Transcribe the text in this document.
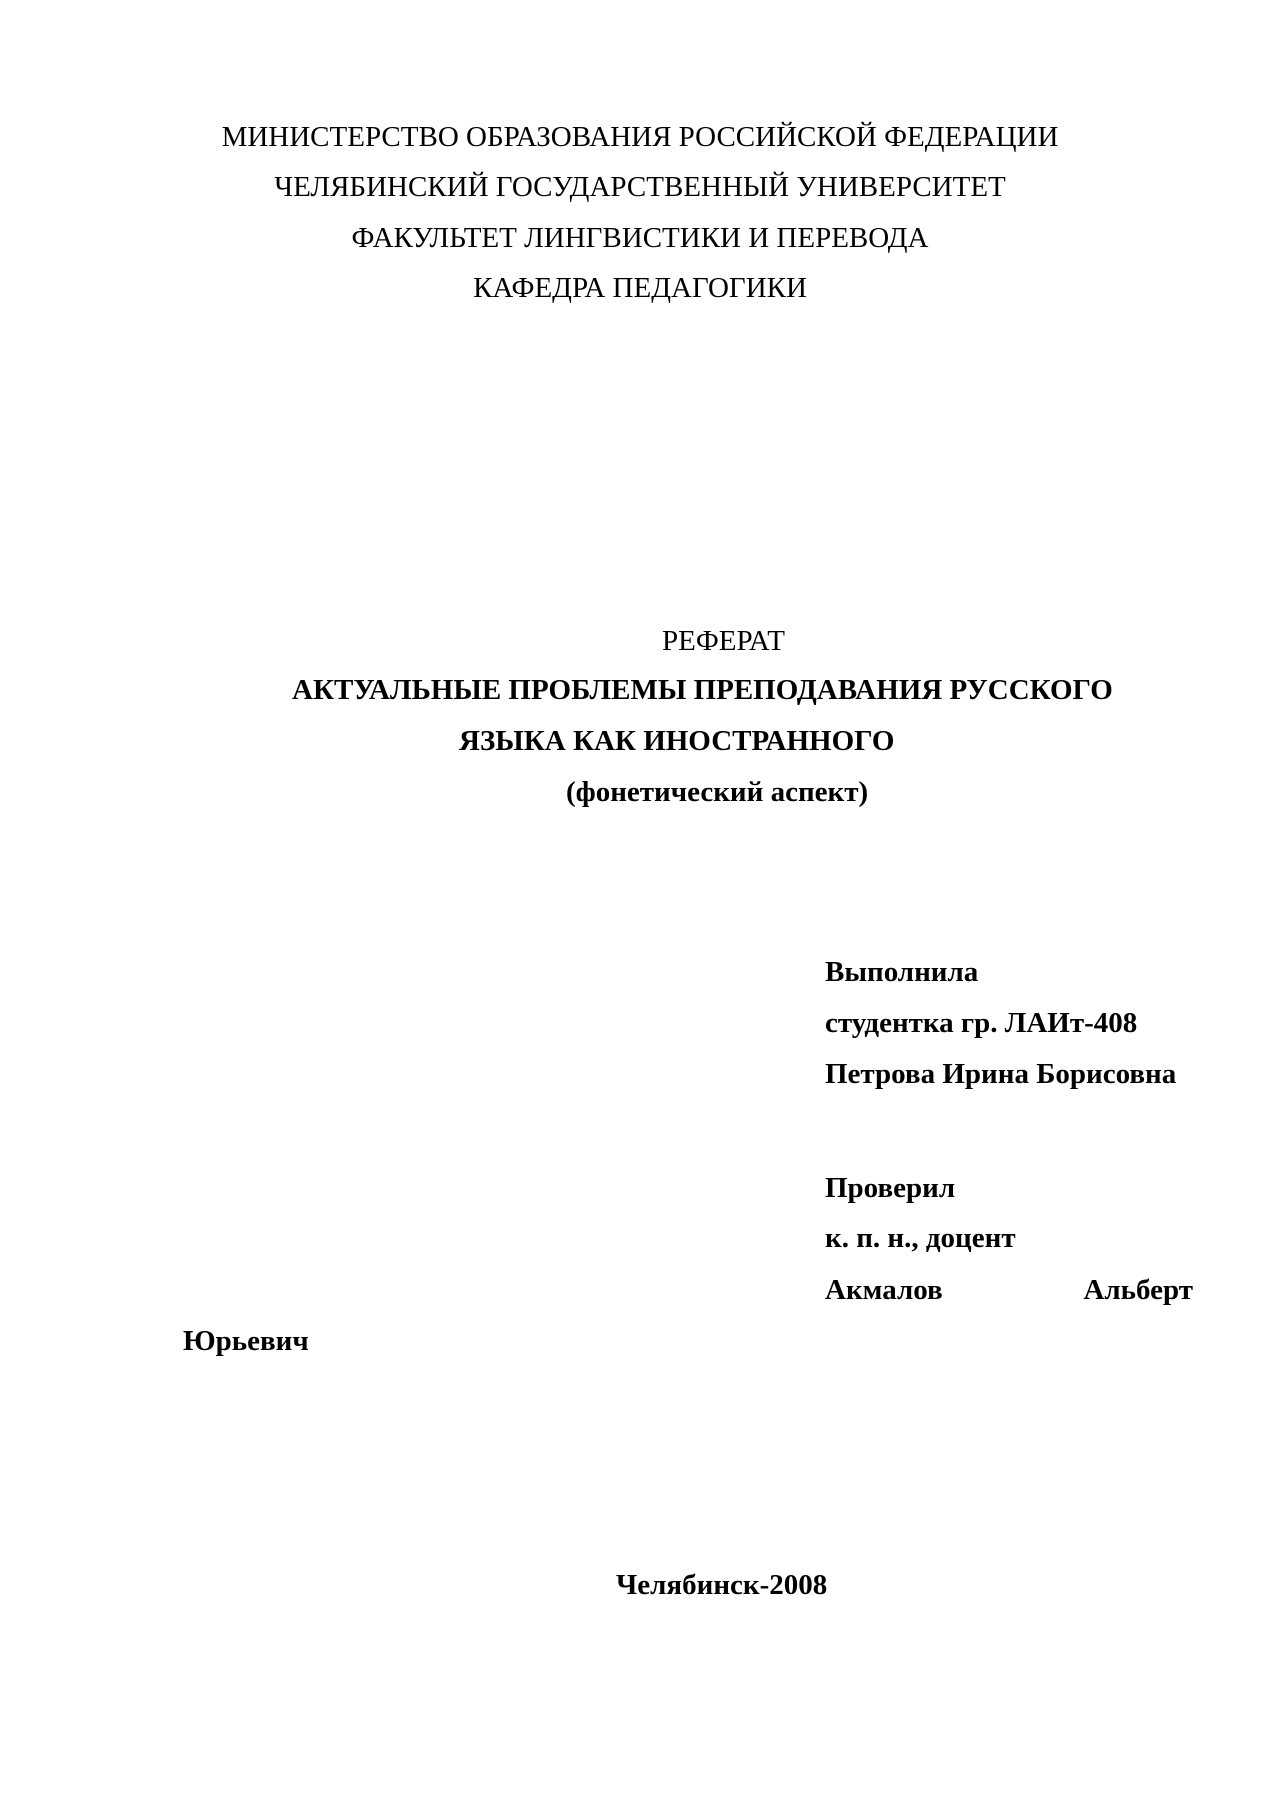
МИНИСТЕРСТВО ОБРАЗОВАНИЯ РОССИЙСКОЙ ФЕДЕРАЦИИ
ЧЕЛЯБИНСКИЙ ГОСУДАРСТВЕННЫЙ УНИВЕРСИТЕТ
ФАКУЛЬТЕТ ЛИНГВИСТИКИ И ПЕРЕВОДА
КАФЕДРА ПЕДАГОГИКИ
РЕФЕРАТ
АКТУАЛЬНЫЕ ПРОБЛЕМЫ ПРЕПОДАВАНИЯ РУССКОГО
ЯЗЫКА КАК ИНОСТРАННОГО
(фонетический аспект)
Выполнила
студентка гр. ЛАИт-408
Петрова Ирина Борисовна
Проверил
к. п. н., доцент
Акмалов	Альберт
Юрьевич
Челябинск-2008
